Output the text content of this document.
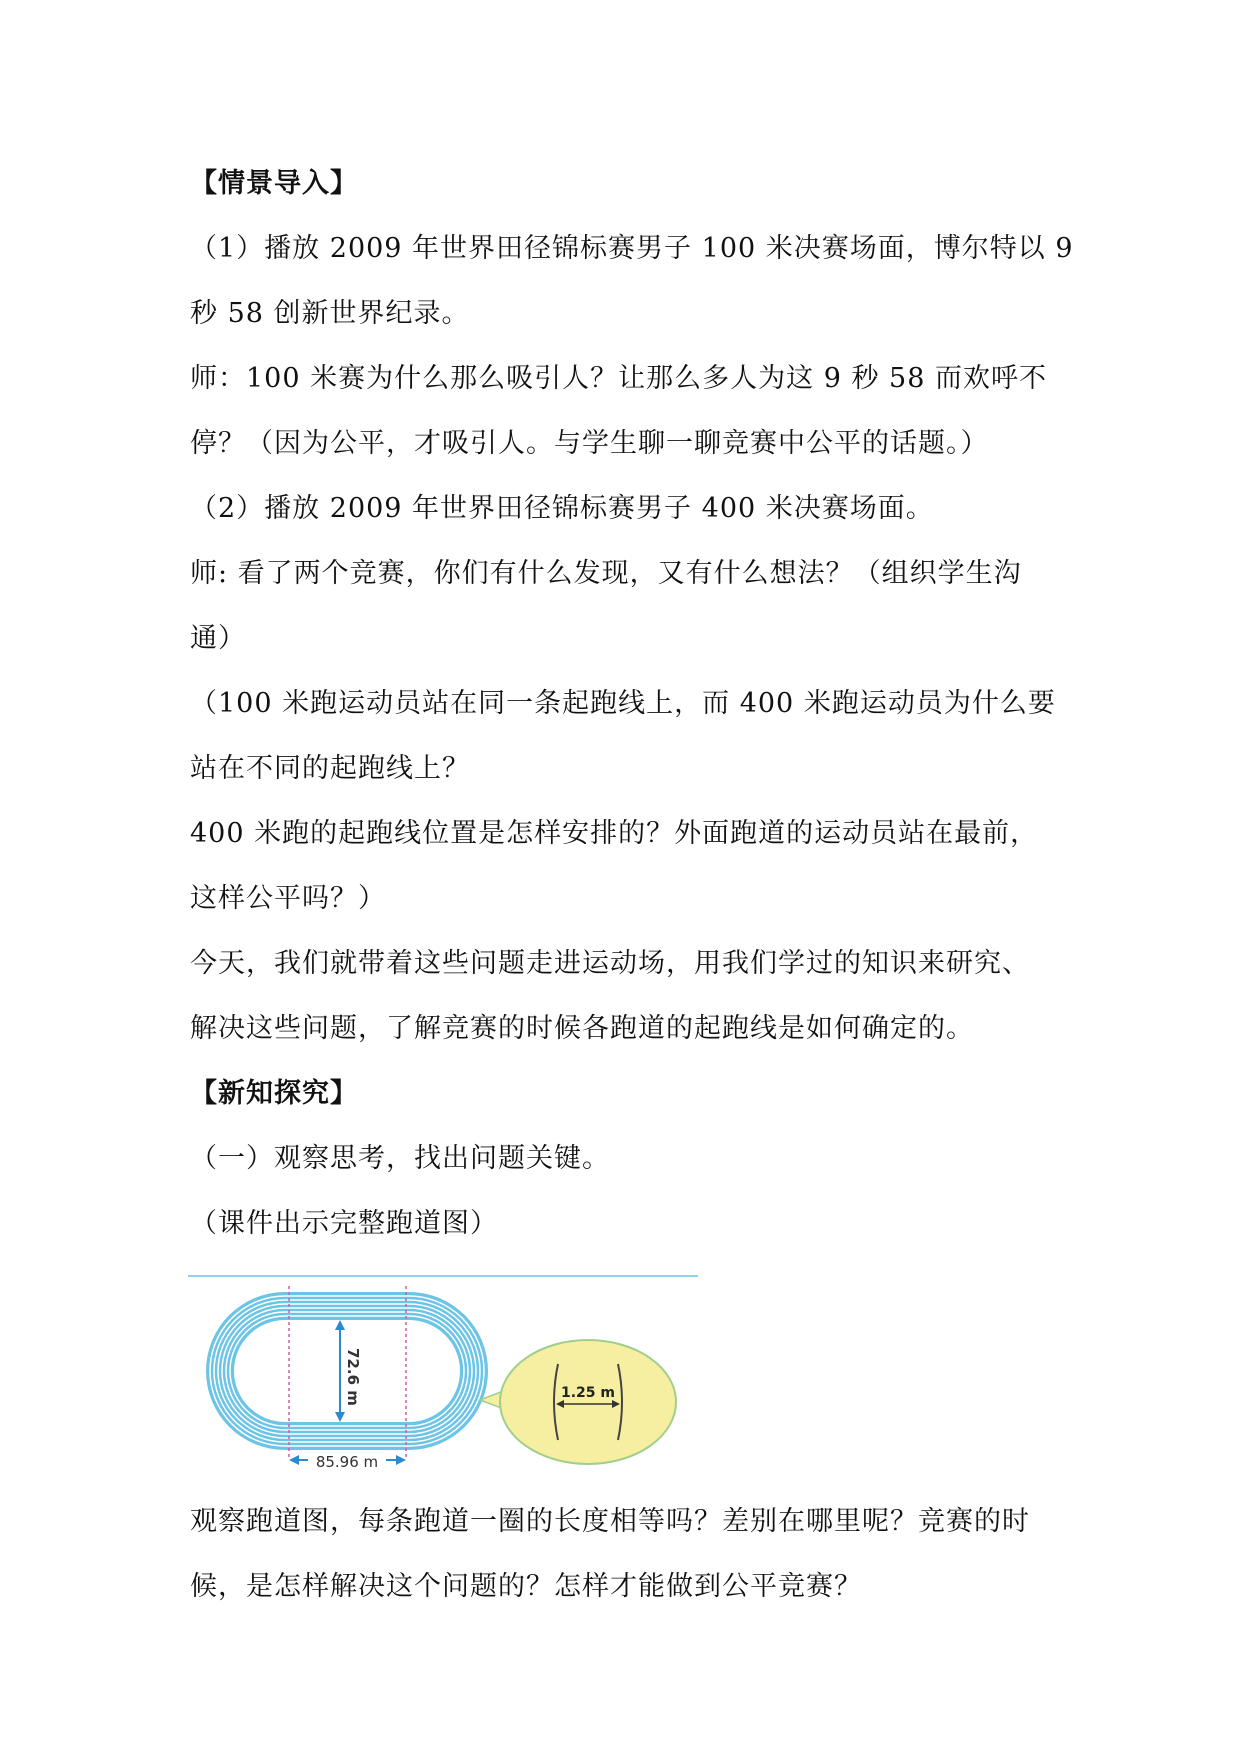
【情景导入】
（1）播放 2009 年世界田径锦标赛男子 100 米决赛场面，博尔特以 9
秒 58 创新世界纪录。
师：100 米赛为什么那么吸引人？让那么多人为这 9 秒 58 而欢呼不
停？（因为公平，才吸引人。与学生聊一聊竞赛中公平的话题。）
（2）播放 2009 年世界田径锦标赛男子 400 米决赛场面。
师: 看了两个竞赛，你们有什么发现，又有什么想法？（组织学生沟
通）
（100 米跑运动员站在同一条起跑线上，而 400 米跑运动员为什么要
站在不同的起跑线上？
400 米跑的起跑线位置是怎样安排的？外面跑道的运动员站在最前，
这样公平吗？）
今天，我们就带着这些问题走进运动场，用我们学过的知识来研究、
解决这些问题，了解竞赛的时候各跑道的起跑线是如何确定的。
【新知探究】
（一）观察思考，找出问题关键。
（课件出示完整跑道图）
72.6 m
85.96 m
1.25 m
观察跑道图，每条跑道一圈的长度相等吗？差别在哪里呢？竞赛的时
候，是怎样解决这个问题的？怎样才能做到公平竞赛？
